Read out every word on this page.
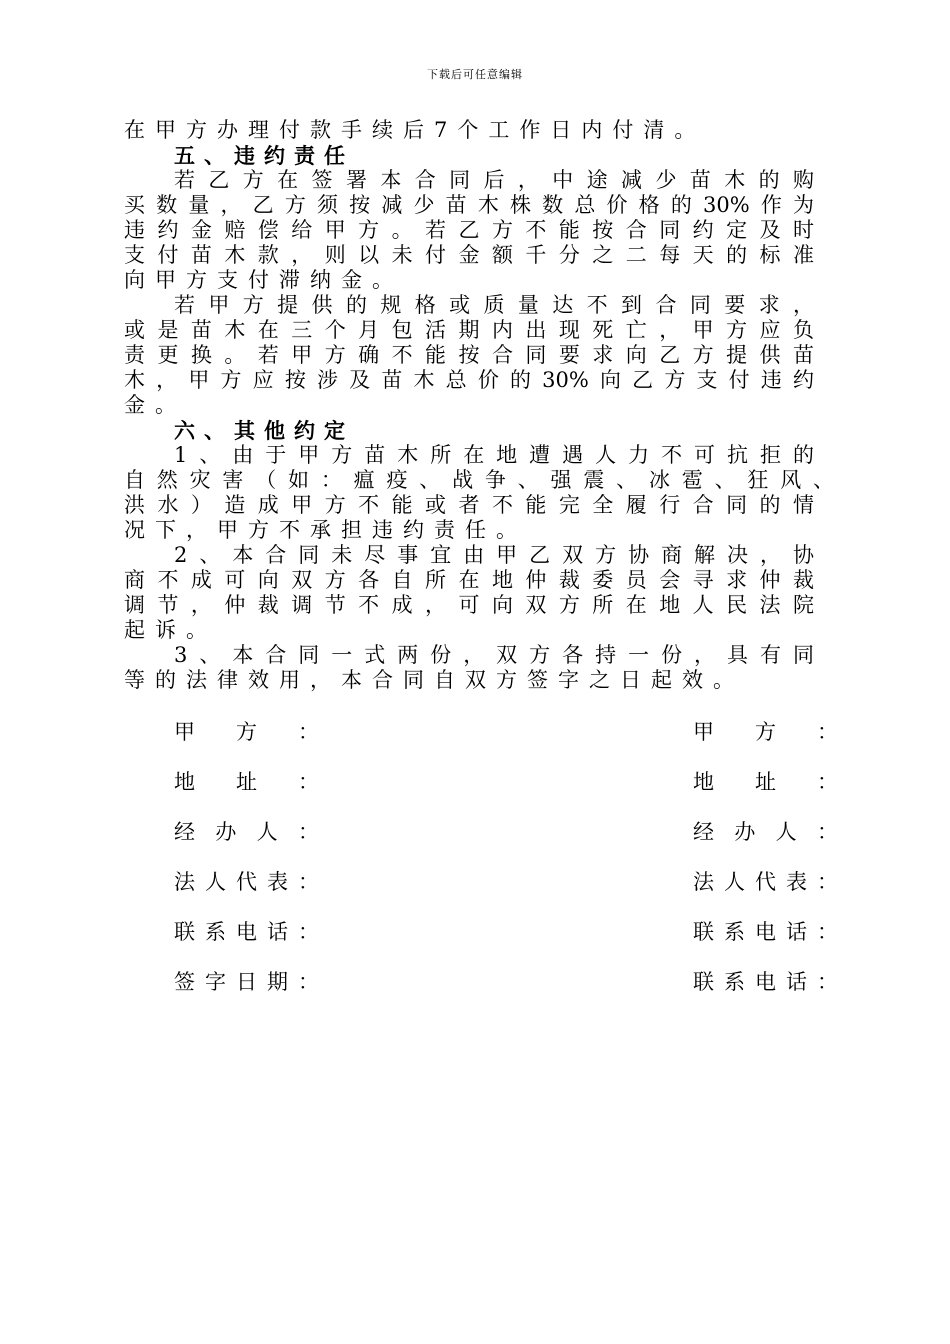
下载后可任意编辑
在甲方办理付款手续后7个工作日内付清。
五、违约责任
若乙方在签署本合同后，中途减少苗木的购
买数量，乙方须按减少苗木株数总价格的30%作为
违约金赔偿给甲方。若乙方不能按合同约定及时
支付苗木款，则以未付金额千分之二每天的标准
向甲方支付滞纳金。
若甲方提供的规格或质量达不到合同要求，
或是苗木在三个月包活期内出现死亡，甲方应负
责更换。若甲方确不能按合同要求向乙方提供苗
木，甲方应按涉及苗木总价的30%向乙方支付违约
金。
六、其他约定
1、由于甲方苗木所在地遭遇人力不可抗拒的
自然灾害（如：瘟疫、战争、强震、冰雹、狂风、
洪水）造成甲方不能或者不能完全履行合同的情
况下，甲方不承担违约责任。
2、本合同未尽事宜由甲乙双方协商解决，协
商不成可向双方各自所在地仲裁委员会寻求仲裁
调节，仲裁调节不成，可向双方所在地人民法院
起诉。
3、本合同一式两份，双方各持一份，具有同
等的法律效用，本合同自双方签字之日起效。
甲方：	甲方：
地址：	地址：
经办人：	经办人：
法人代表：	法人代表：
联系电话：	联系电话：
签字日期：	联系电话：
